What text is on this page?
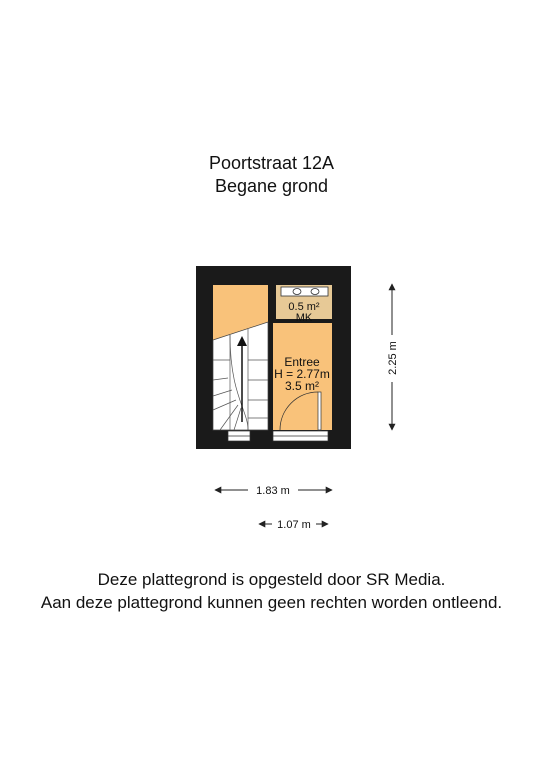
Poortstraat 12A
Begane grond
0.5 m²
MK
Entree
H = 2.77m
3.5 m²
1.83 m
1.07 m
2.25 m
Deze plattegrond is opgesteld door SR Media.
Aan deze plattegrond kunnen geen rechten worden ontleend.
